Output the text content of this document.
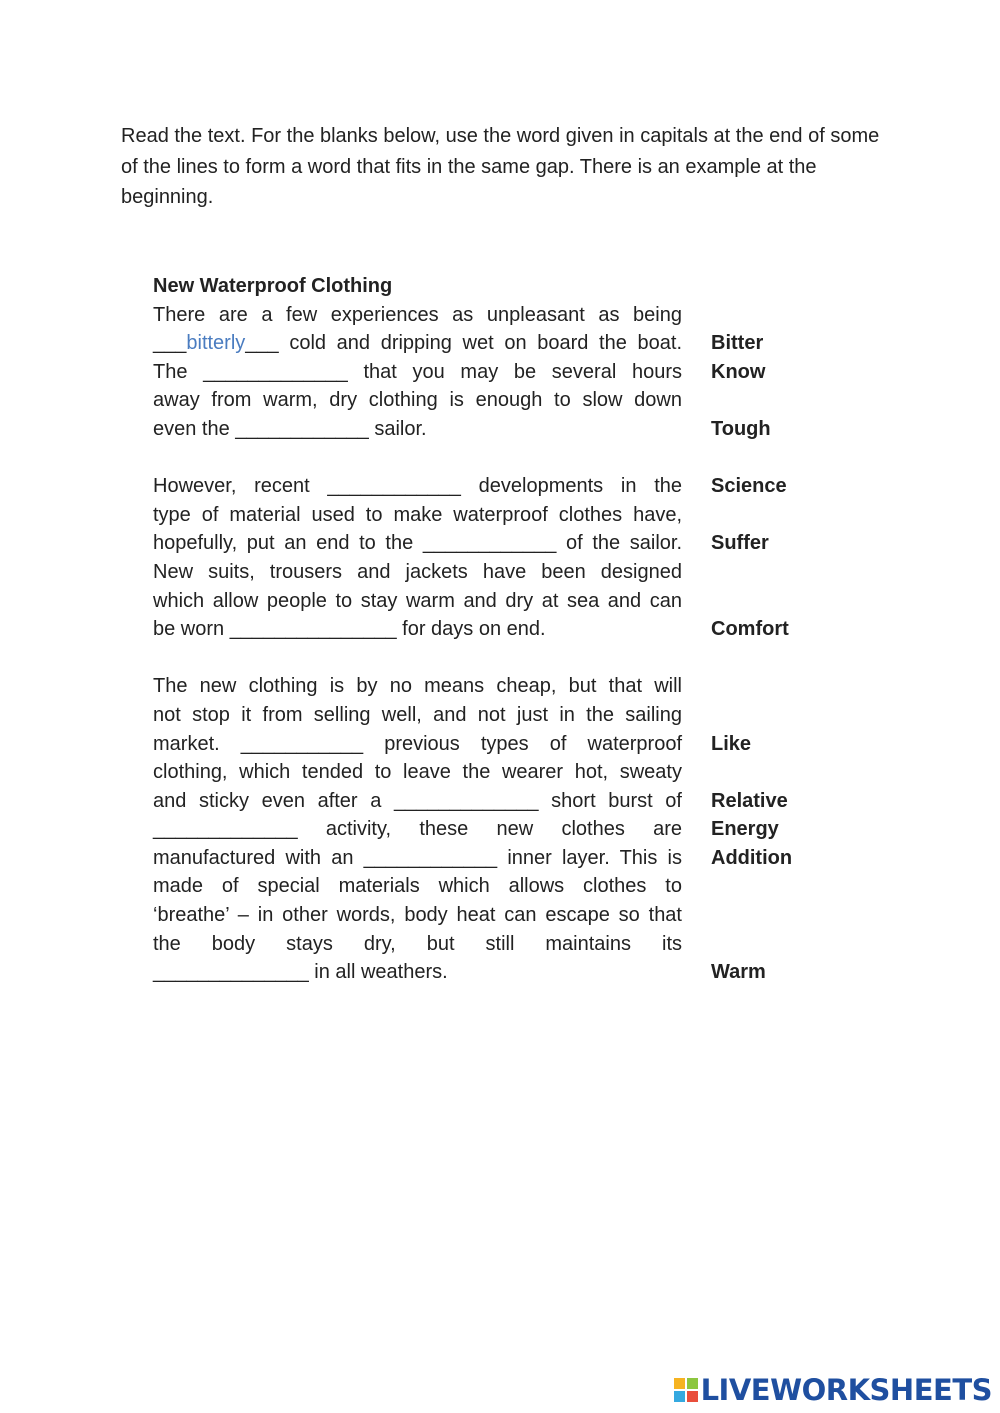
Read the text. For the blanks below, use the word given in capitals at the end of some of the lines to form a word that fits in the same gap. There is an example at the beginning.

New Waterproof Clothing
There are a few experiences as unpleasant as being
___bitterly___ cold and dripping wet on board the boat. Bitter
The _____________ that you may be several hours Know
away from warm, dry clothing is enough to slow down
even the ____________ sailor.	Tough
However, recent ____________ developments in the Science
type of material used to make waterproof clothes have,
hopefully, put an end to the ____________ of the sailor. Suffer
New suits, trousers and jackets have been designed
which allow people to stay warm and dry at sea and can
be worn _______________ for days on end.	Comfort
The new clothing is by no means cheap, but that will
not stop it from selling well, and not just in the sailing
market. ___________ previous types of waterproof Like
clothing, which tended to leave the wearer hot, sweaty
and sticky even after a _____________ short burst of Relative
_____________ activity, these new clothes are Energy
manufactured with an ____________ inner layer. This is Addition
made of special materials which allows clothes to
‘breathe’ – in other words, body heat can escape so that
the body stays dry, but still maintains its
______________ in all weathers.	Warm
LIVEWORKSHEETS
